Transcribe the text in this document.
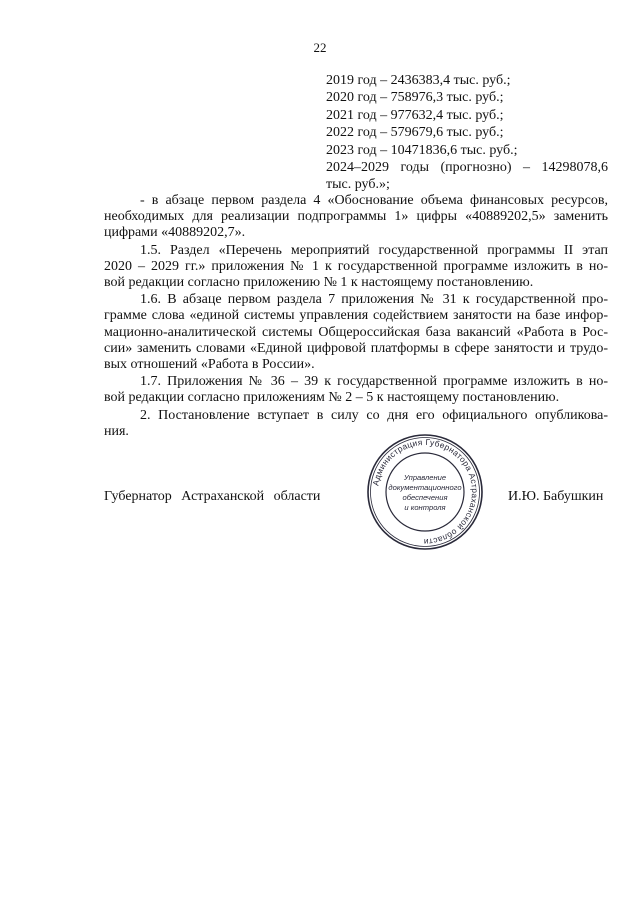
22
2019 год – 2436383,4 тыс. руб.;
2020 год – 758976,3 тыс. руб.;
2021 год – 977632,4 тыс. руб.;
2022 год – 579679,6 тыс. руб.;
2023 год – 10471836,6 тыс. руб.;
2024–2029 годы (прогнозно) – 14298078,6
тыс. руб.»;

- в абзаце первом раздела 4 «Обоснование объема финансовых ресурсов,
необходимых для реализации подпрограммы 1» цифры «40889202,5» заменить
цифрами «40889202,7».

1.5. Раздел «Перечень мероприятий государственной программы II этап
2020 – 2029 гг.» приложения № 1 к государственной программе изложить в но-
вой редакции согласно приложению № 1 к настоящему постановлению.

1.6. В абзаце первом раздела 7 приложения № 31 к государственной про-
грамме слова «единой системы управления содействием занятости на базе инфор-
мационно-аналитической системы Общероссийская база вакансий «Работа в Рос-
сии» заменить словами «Единой цифровой платформы в сфере занятости и трудо-
вых отношений «Работа в России».

1.7. Приложения № 36 – 39 к государственной программе изложить в но-
вой редакции согласно приложениям № 2 – 5 к настоящему постановлению.

2. Постановление вступает в силу со дня его официального опубликова-
ния.

Губернатор Астраханской области	И.Ю. Бабушкин
Администрация Губернатора Астраханской области
Управление
документационного
обеспечения
и контроля
